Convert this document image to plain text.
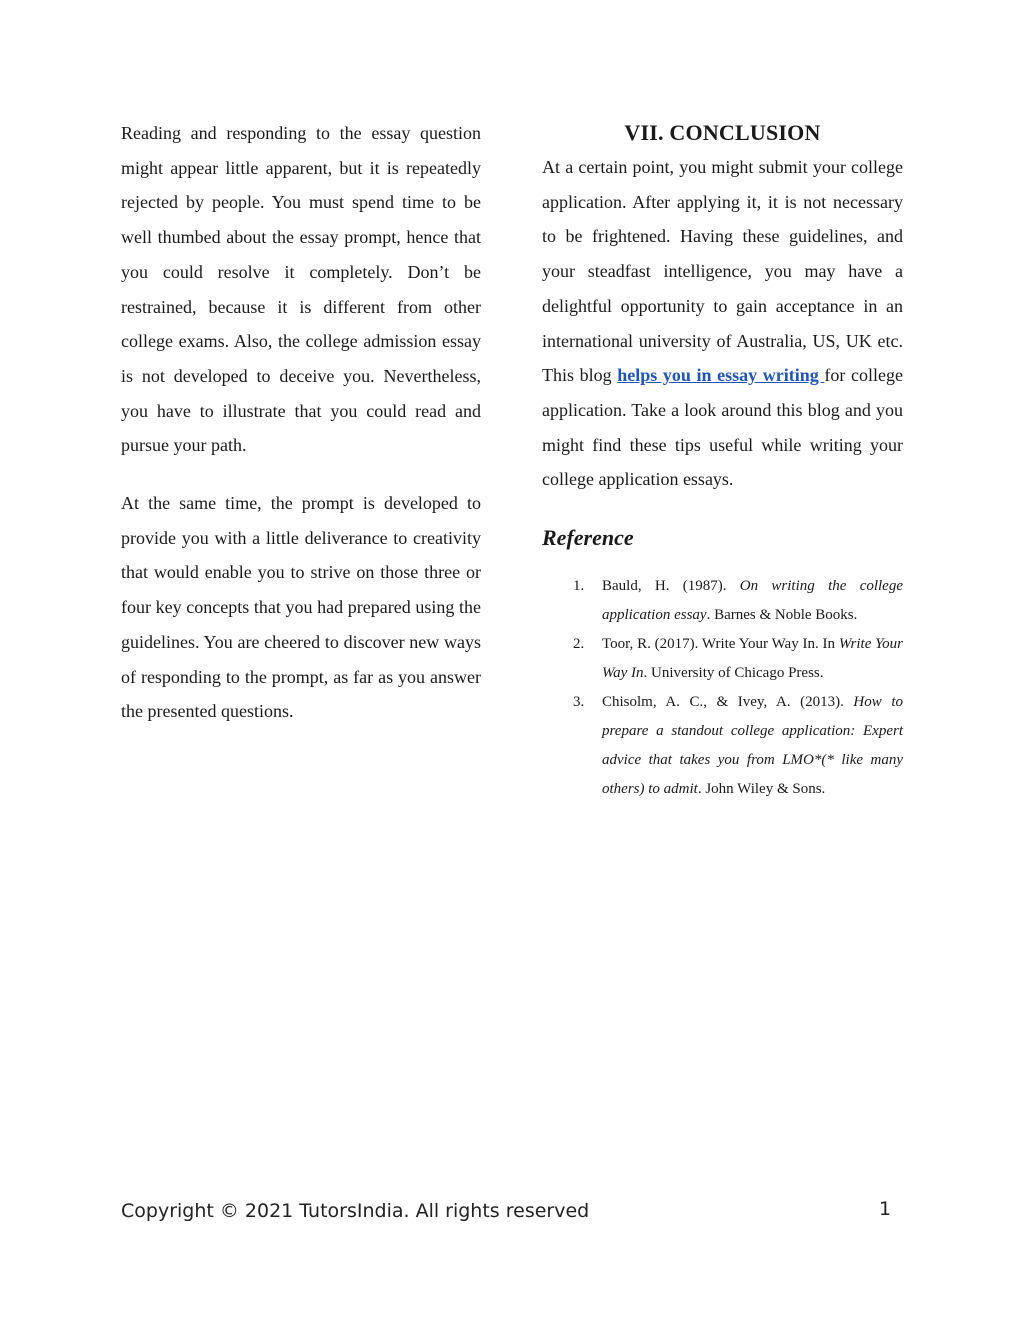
Reading and responding to the essay question might appear little apparent, but it is repeatedly rejected by people. You must spend time to be well thumbed about the essay prompt, hence that you could resolve it completely. Don’t be restrained, because it is different from other college exams. Also, the college admission essay is not developed to deceive you. Nevertheless, you have to illustrate that you could read and pursue your path.

At the same time, the prompt is developed to provide you with a little deliverance to creativity that would enable you to strive on those three or four key concepts that you had prepared using the guidelines. You are cheered to discover new ways of responding to the prompt, as far as you answer the presented questions.

VII. CONCLUSION

At a certain point, you might submit your college application. After applying it, it is not necessary to be frightened. Having these guidelines, and your steadfast intelligence, you may have a delightful opportunity to gain acceptance in an international university of Australia, US, UK etc. This blog helps you in essay writing for college application. Take a look around this blog and you might find these tips useful while writing your college application essays.

Reference
1. Bauld, H. (1987). On writing the college application essay. Barnes & Noble Books.
2. Toor, R. (2017). Write Your Way In. In Write Your Way In. University of Chicago Press.
3. Chisolm, A. C., & Ivey, A. (2013). How to prepare a standout college application: Expert advice that takes you from LMO*(* like many others) to admit. John Wiley & Sons.
Copyright © 2021 TutorsIndia. All rights reserved	1
